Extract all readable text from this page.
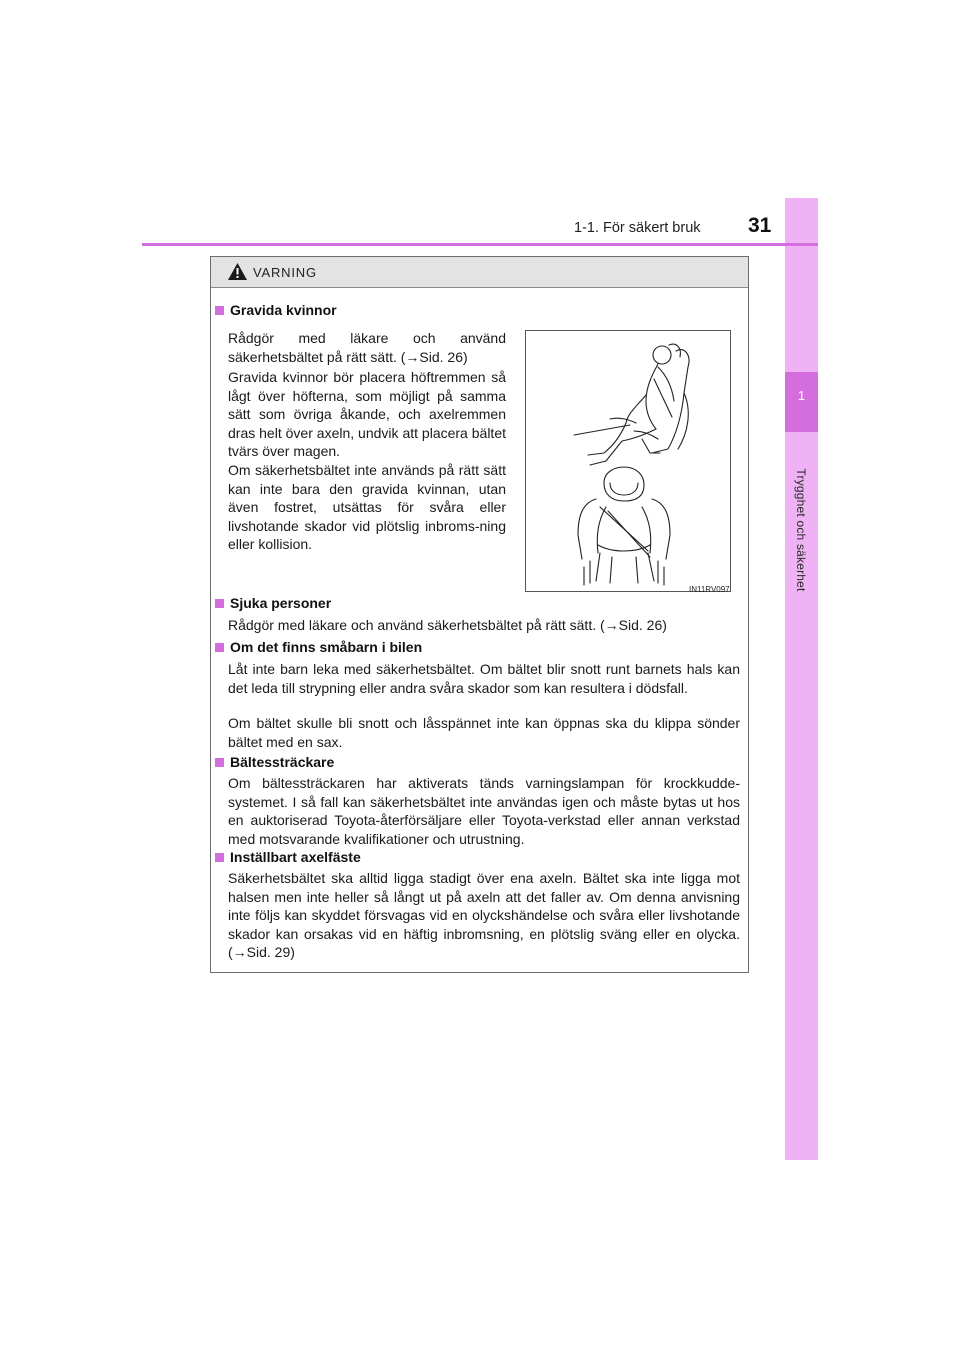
1
Trygghet och säkerhet
1-1. För säkert bruk 31
VARNING
Gravida kvinnor
Rådgör med läkare och använd säkerhetsbältet på rätt sätt. (→Sid. 26)
Gravida kvinnor bör placera höftremmen så lågt över höfterna, som möjligt på samma sätt som övriga åkande, och axelremmen dras helt över axeln, undvik att placera bältet tvärs över magen.
Om säkerhetsbältet inte används på rätt sätt kan inte bara den gravida kvinnan, utan även fostret, utsättas för svåra eller livshotande skador vid plötslig inbroms-ning eller kollision.
IN11RV097
Sjuka personer
Rådgör med läkare och använd säkerhetsbältet på rätt sätt. (→Sid. 26)
Om det finns småbarn i bilen
Låt inte barn leka med säkerhetsbältet. Om bältet blir snott runt barnets hals kan det leda till strypning eller andra svåra skador som kan resultera i dödsfall.
Om bältet skulle bli snott och låsspännet inte kan öppnas ska du klippa sönder bältet med en sax.
Bältessträckare
Om bältessträckaren har aktiverats tänds varningslampan för krockkudde-systemet. I så fall kan säkerhetsbältet inte användas igen och måste bytas ut hos en auktoriserad Toyota-återförsäljare eller Toyota-verkstad eller annan verkstad med motsvarande kvalifikationer och utrustning.
Inställbart axelfäste
Säkerhetsbältet ska alltid ligga stadigt över ena axeln. Bältet ska inte ligga mot halsen men inte heller så långt ut på axeln att det faller av. Om denna anvisning inte följs kan skyddet försvagas vid en olyckshändelse och svåra eller livshotande skador kan orsakas vid en häftig inbromsning, en plötslig sväng eller en olycka. (→Sid. 29)
